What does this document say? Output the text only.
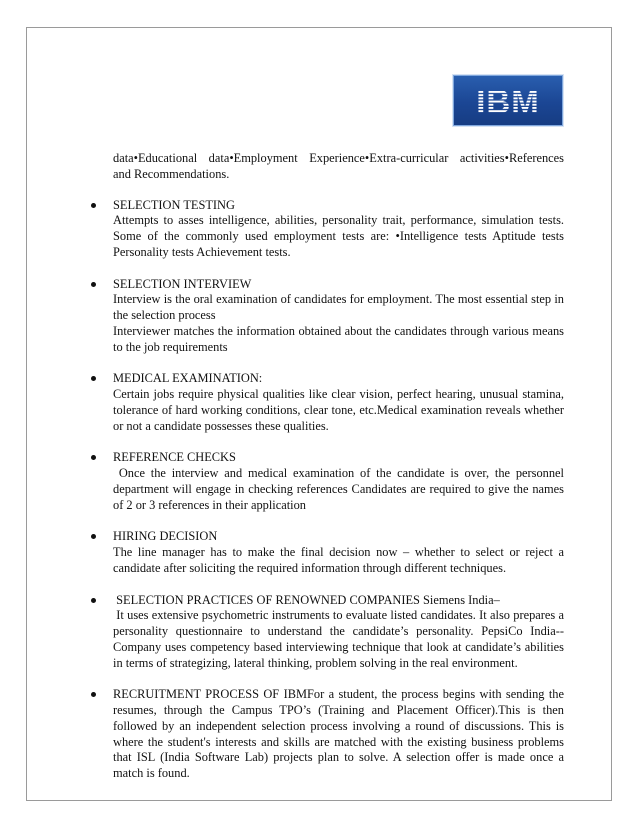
IBM

data•Educational data•Employment Experience•Extra-curricular activities•References
and Recommendations.

SELECTION TESTING
Attempts to asses intelligence, abilities, personality trait, performance, simulation tests. Some of the commonly used employment tests are: •Intelligence tests Aptitude tests Personality tests Achievement tests.
SELECTION INTERVIEW
Interview is the oral examination of candidates for employment. The most essential step in the selection process
Interviewer matches the information obtained about the candidates through various means to the job requirements
MEDICAL EXAMINATION:
Certain jobs require physical qualities like clear vision, perfect hearing, unusual stamina, tolerance of hard working conditions, clear tone, etc.Medical examination reveals whether or not a candidate possesses these qualities.
REFERENCE CHECKS
Once the interview and medical examination of the candidate is over, the personnel department will engage in checking references Candidates are required to give the names of 2 or 3 references in their application
HIRING DECISION
The line manager has to make the final decision now – whether to select or reject a candidate after soliciting the required information through different techniques.
SELECTION PRACTICES OF RENOWNED COMPANIES Siemens India–
It uses extensive psychometric instruments to evaluate listed candidates. It also prepares a personality questionnaire to understand the candidate’s personality. PepsiCo India--Company uses competency based interviewing technique that look at candidate’s abilities in terms of strategizing, lateral thinking, problem solving in the real environment.
RECRUITMENT PROCESS OF IBMFor a student, the process begins with sending the resumes, through the Campus TPO’s (Training and Placement Officer).This is then followed by an independent selection process involving a round of discussions. This is where the student's interests and skills are matched with the existing business problems that ISL (India Software Lab) projects plan to solve. A selection offer is made once a match is found.
